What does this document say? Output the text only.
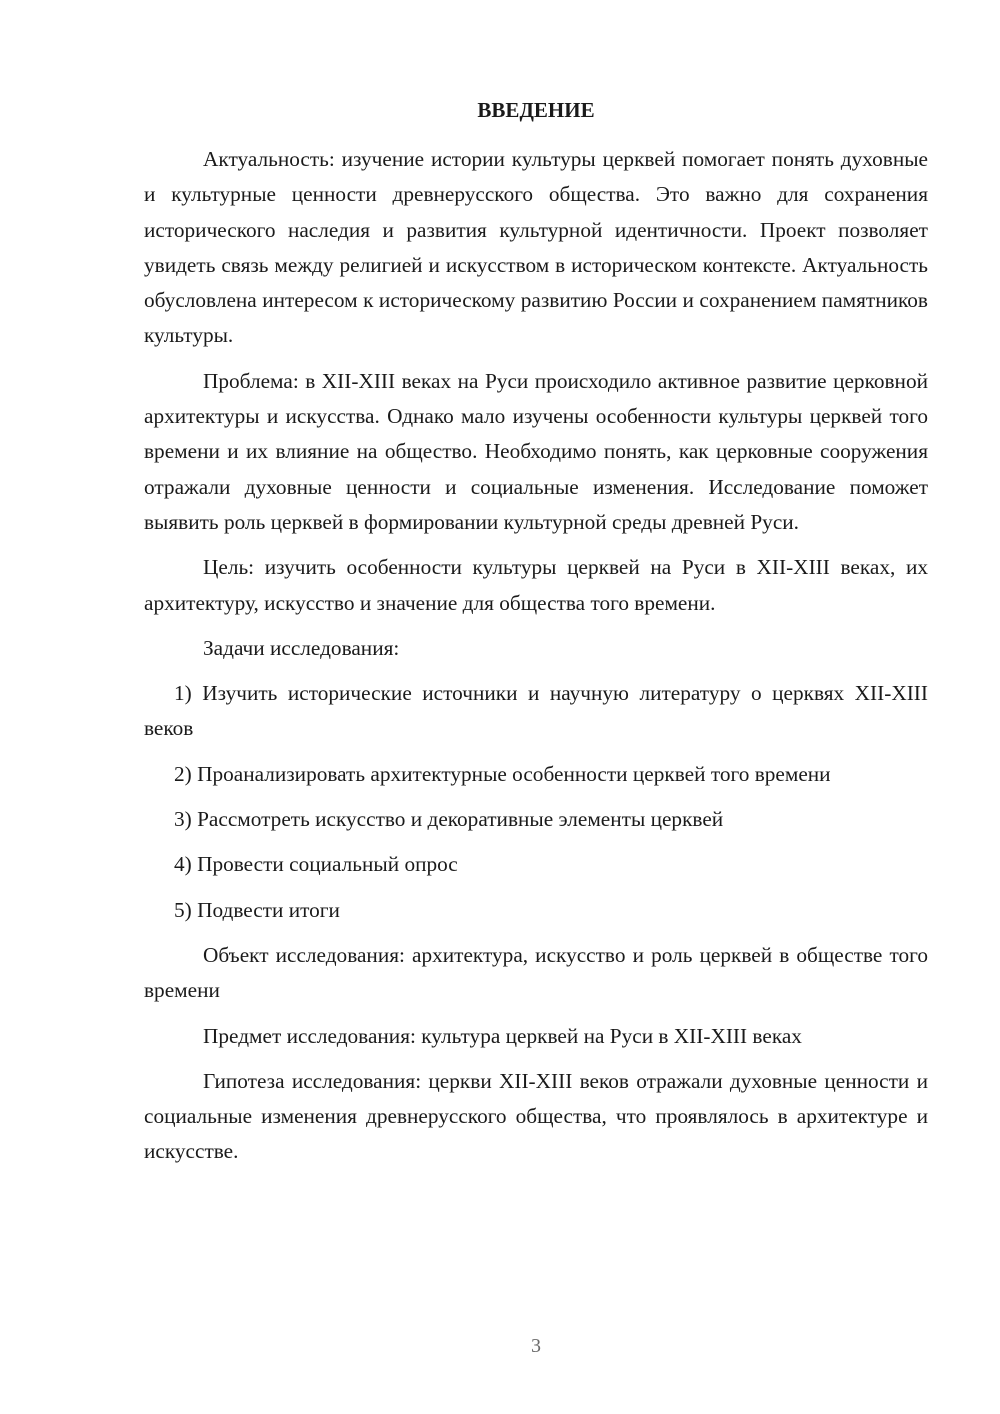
ВВЕДЕНИЕ

Актуальность: изучение истории культуры церквей помогает понять духовные и культурные ценности древнерусского общества. Это важно для сохранения исторического наследия и развития культурной идентичности. Проект позволяет увидеть связь между религией и искусством в историческом контексте. Актуальность обусловлена интересом к историческому развитию России и сохранением памятников культуры.

Проблема: в XII-XIII веках на Руси происходило активное развитие церковной архитектуры и искусства. Однако мало изучены особенности культуры церквей того времени и их влияние на общество. Необходимо понять, как церковные сооружения отражали духовные ценности и социальные изменения. Исследование поможет выявить роль церквей в формировании культурной среды древней Руси.

Цель: изучить особенности культуры церквей на Руси в XII-XIII веках, их архитектуру, искусство и значение для общества того времени.

Задачи исследования:

1) Изучить исторические источники и научную литературу о церквях XII-XIII веков

2) Проанализировать архитектурные особенности церквей того времени

3) Рассмотреть искусство и декоративные элементы церквей

4) Провести социальный опрос

5) Подвести итоги

Объект исследования: архитектура, искусство и роль церквей в обществе того времени

Предмет исследования: культура церквей на Руси в XII-XIII веках

Гипотеза исследования: церкви XII-XIII веков отражали духовные ценности и социальные изменения древнерусского общества, что проявлялось в архитектуре и искусстве.

3
